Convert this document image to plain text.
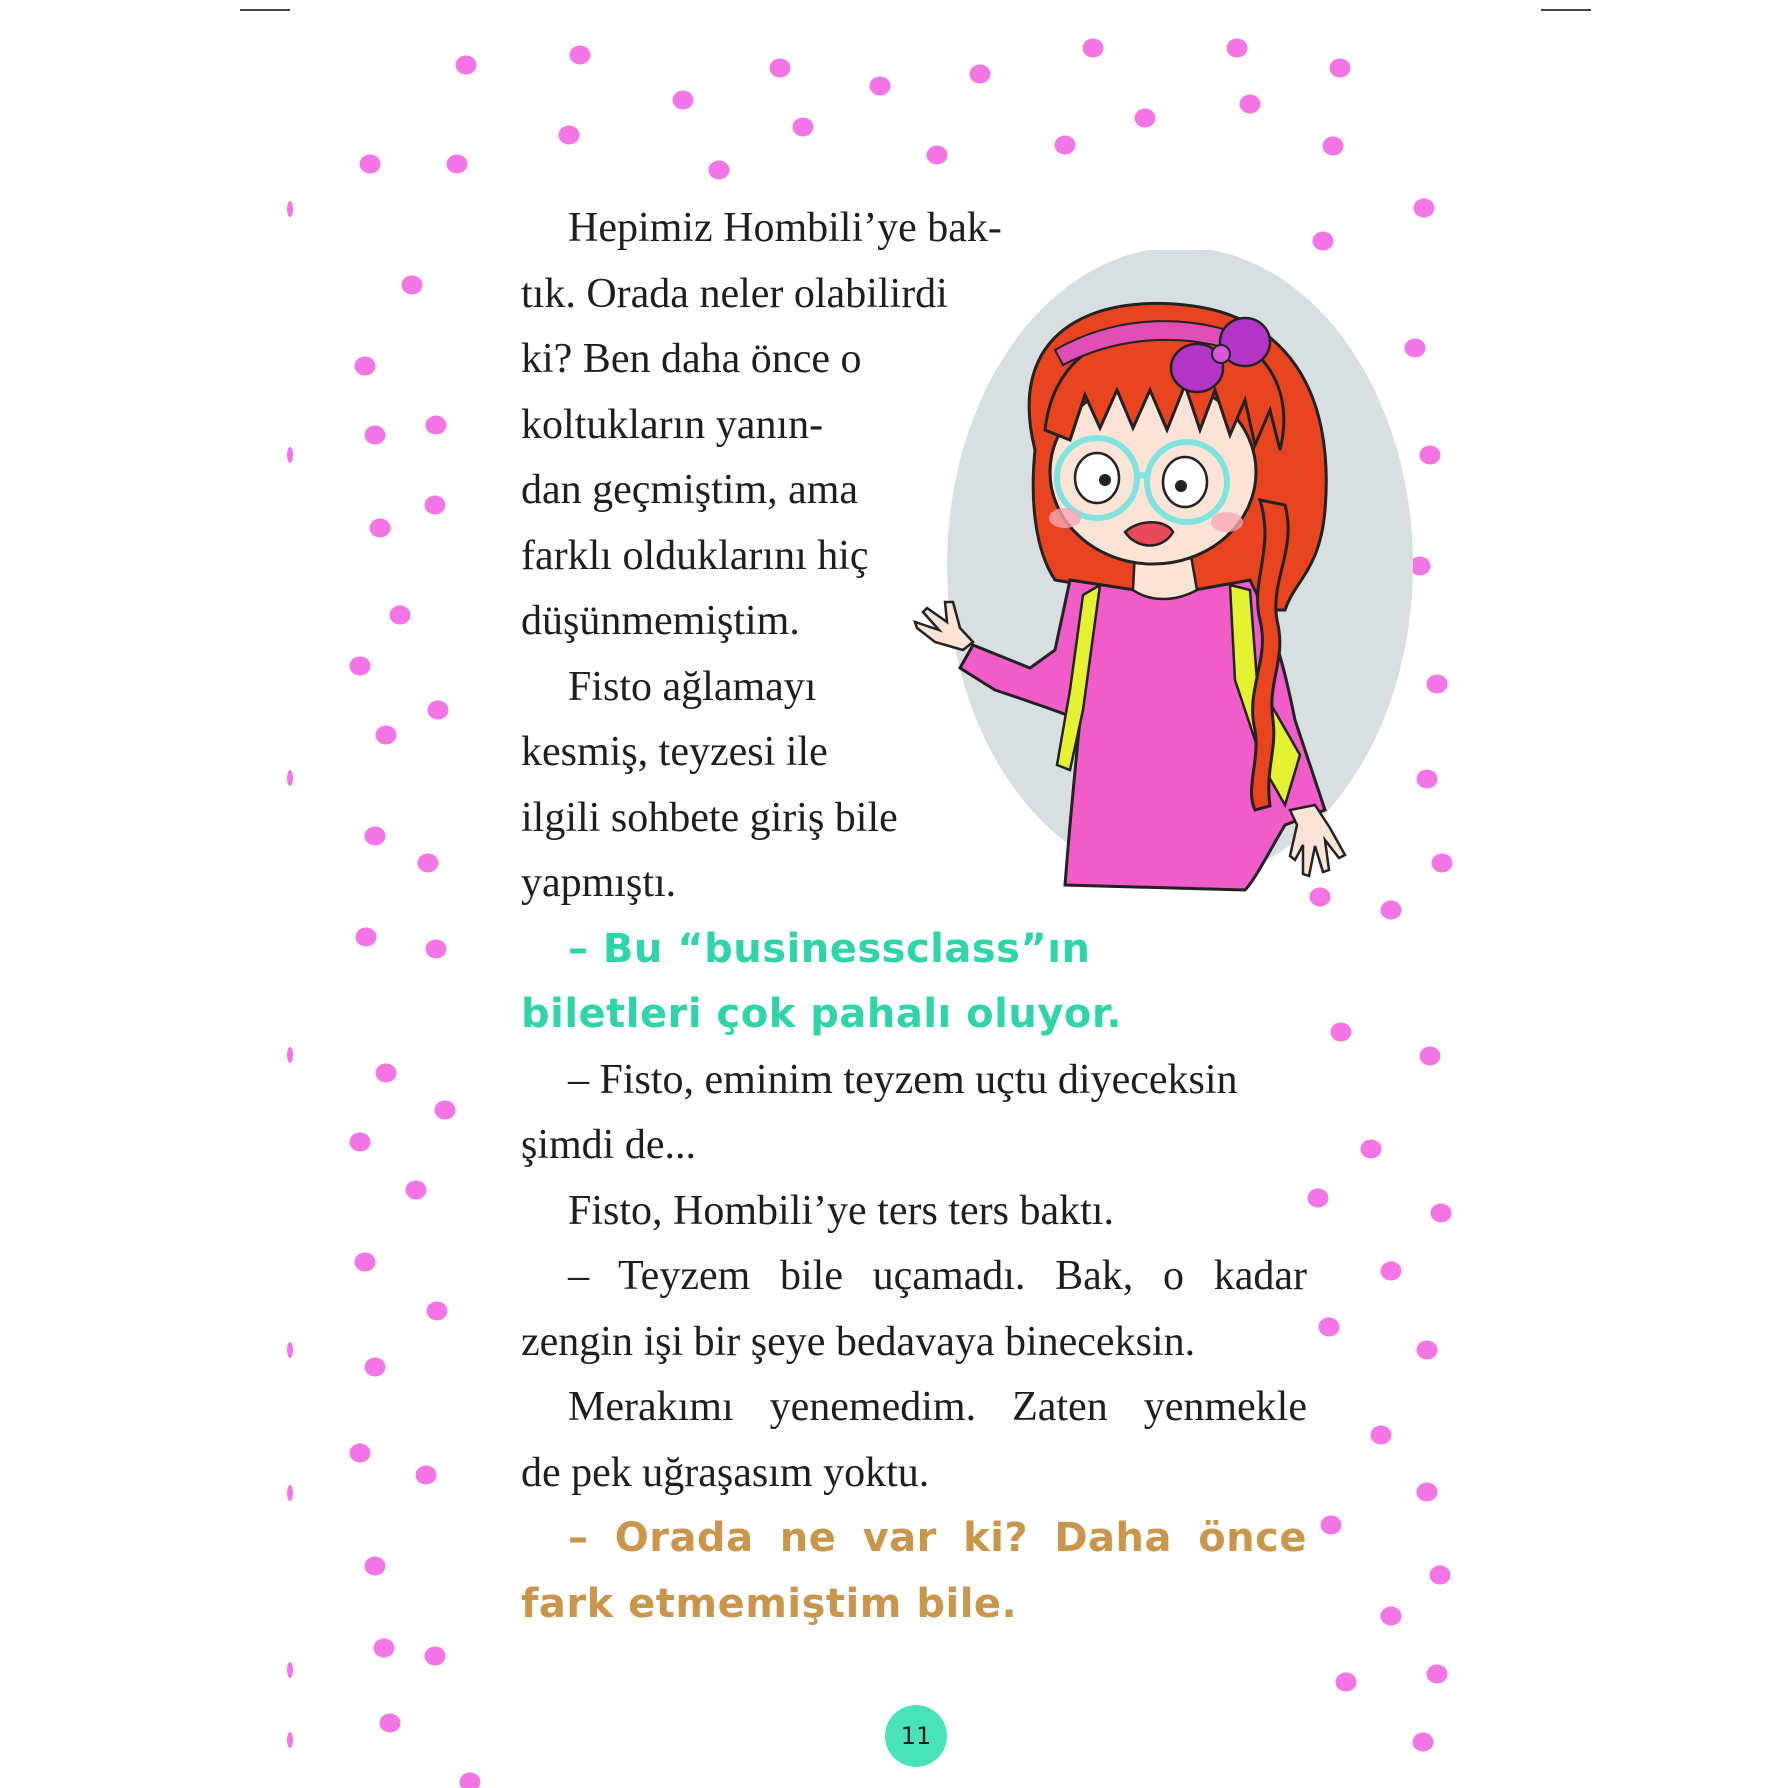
Hepimiz Hombili’ye bak-
tık. Orada neler olabilirdi
ki? Ben daha önce o
koltukların yanın-
dan geçmiştim, ama
farklı olduklarını hiç
düşünmemiştim.
Fisto ağlamayı
kesmiş, teyzesi ile
ilgili sohbete giriş bile
yapmıştı.
– Bu “businessclass”ın
biletleri çok pahalı oluyor.
– Fisto, eminim teyzem uçtu diyeceksin
şimdi de...
Fisto, Hombili’ye ters ters baktı.
– Teyzem bile uçamadı. Bak, o kadar
zengin işi bir şeye bedavaya bineceksin.
Merakımı yenemedim. Zaten yenmekle
de pek uğraşasım yoktu.
– Orada ne var ki? Daha önce
fark etmemiştim bile.
11
